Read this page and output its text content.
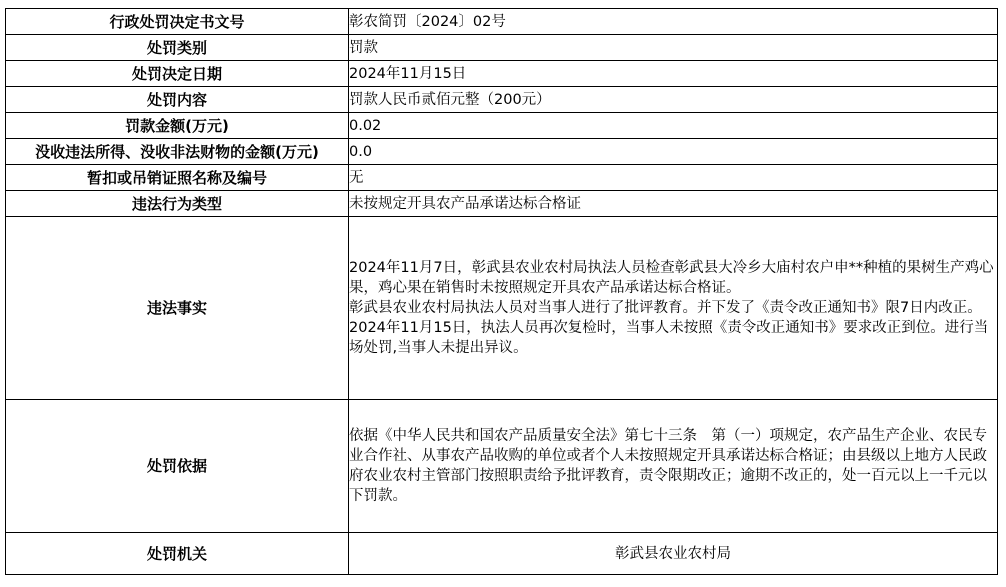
行政处罚决定书文号	彰农简罚〔2024〕02号
处罚类别	罚款
处罚决定日期	2024年11月15日
处罚内容	罚款人民币贰佰元整（200元）
罚款金额(万元)	0.02
没收违法所得、没收非法财物的金额(万元)	0.0
暂扣或吊销证照名称及编号	无
违法行为类型	未按规定开具农产品承诺达标合格证
违法事实	2024年11月7日，彰武县农业农村局执法人员检查彰武县大冷乡大庙村农户申**种植的果树生产鸡心果，鸡心果在销售时未按照规定开具农产品承诺达标合格证。
彰武县农业农村局执法人员对当事人进行了批评教育。并下发了《责令改正通知书》限7日内改正。
2024年11月15日，执法人员再次复检时，当事人未按照《责令改正通知书》要求改正到位。进行当场处罚,当事人未提出异议。

处罚依据	依据《中华人民共和国农产品质量安全法》第七十三条　第（一）项规定，农产品生产企业、农民专业合作社、从事农产品收购的单位或者个人未按照规定开具承诺达标合格证；由县级以上地方人民政府农业农村主管部门按照职责给予批评教育，责令限期改正；逾期不改正的，处一百元以上一千元以下罚款。
处罚机关	彰武县农业农村局
